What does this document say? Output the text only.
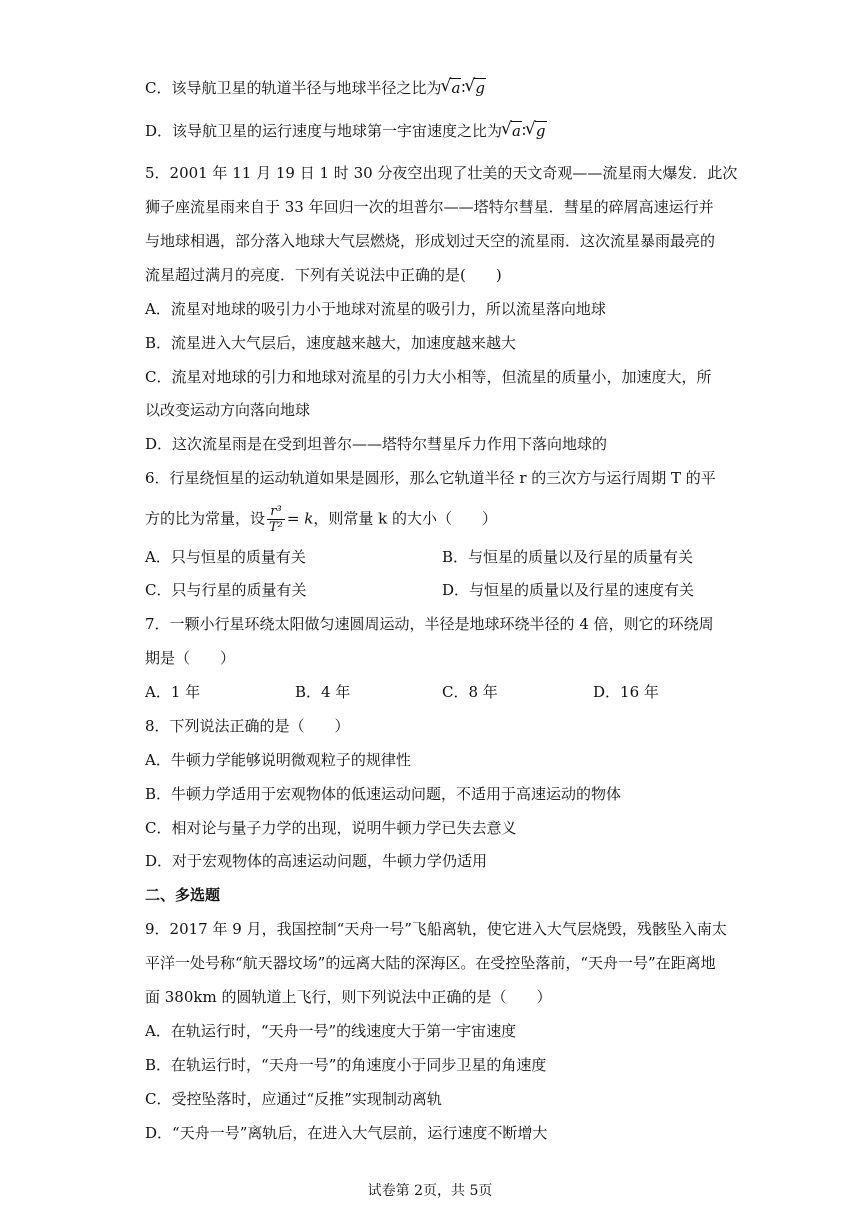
C．该导航卫星的轨道半径与地球半径之比为 √ a∶ √ g
D．该导航卫星的运行速度与地球第一宇宙速度之比为 √ a∶ √ g
5．2001 年 11 月 19 日 1 时 30 分夜空出现了壮美的天文奇观——流星雨大爆发．此次
狮子座流星雨来自于 33 年回归一次的坦普尔——塔特尔彗星．彗星的碎屑高速运行并
与地球相遇，部分落入地球大气层燃烧，形成划过天空的流星雨．这次流星暴雨最亮的
流星超过满月的亮度．下列有关说法中正确的是(　　)
A．流星对地球的吸引力小于地球对流星的吸引力，所以流星落向地球
B．流星进入大气层后，速度越来越大，加速度越来越大
C．流星对地球的引力和地球对流星的引力大小相等，但流星的质量小，加速度大，所
以改变运动方向落向地球
D．这次流星雨是在受到坦普尔——塔特尔彗星斥力作用下落向地球的
6．行星绕恒星的运动轨道如果是圆形，那么它轨道半径 r 的三次方与运行周期 T 的平
方的比为常量，设 $\frac{\text{r³}}{\text{T²}} = k$，则常量 k 的大小（　　）
A．只与恒星的质量有关	B．与恒星的质量以及行星的质量有关
C．只与行星的质量有关	D．与恒星的质量以及行星的速度有关
7．一颗小行星环绕太阳做匀速圆周运动，半径是地球环绕半径的 4 倍，则它的环绕周
期是（　　）
A．1 年	B．4 年	C．8 年	D．16 年
8．下列说法正确的是（　　）
A．牛顿力学能够说明微观粒子的规律性
B．牛顿力学适用于宏观物体的低速运动问题，不适用于高速运动的物体
C．相对论与量子力学的出现，说明牛顿力学已失去意义
D．对于宏观物体的高速运动问题，牛顿力学仍适用
二、多选题
9．2017 年 9 月，我国控制“天舟一号”飞船离轨，使它进入大气层烧毁，残骸坠入南太
平洋一处号称“航天器坟场”的远离大陆的深海区。在受控坠落前，“天舟一号”在距离地
面 380km 的圆轨道上飞行，则下列说法中正确的是（　　）
A．在轨运行时，“天舟一号”的线速度大于第一宇宙速度
B．在轨运行时，“天舟一号”的角速度小于同步卫星的角速度
C．受控坠落时，应通过“反推”实现制动离轨
D．“天舟一号”离轨后，在进入大气层前，运行速度不断增大
试卷第 2页，共 5页
